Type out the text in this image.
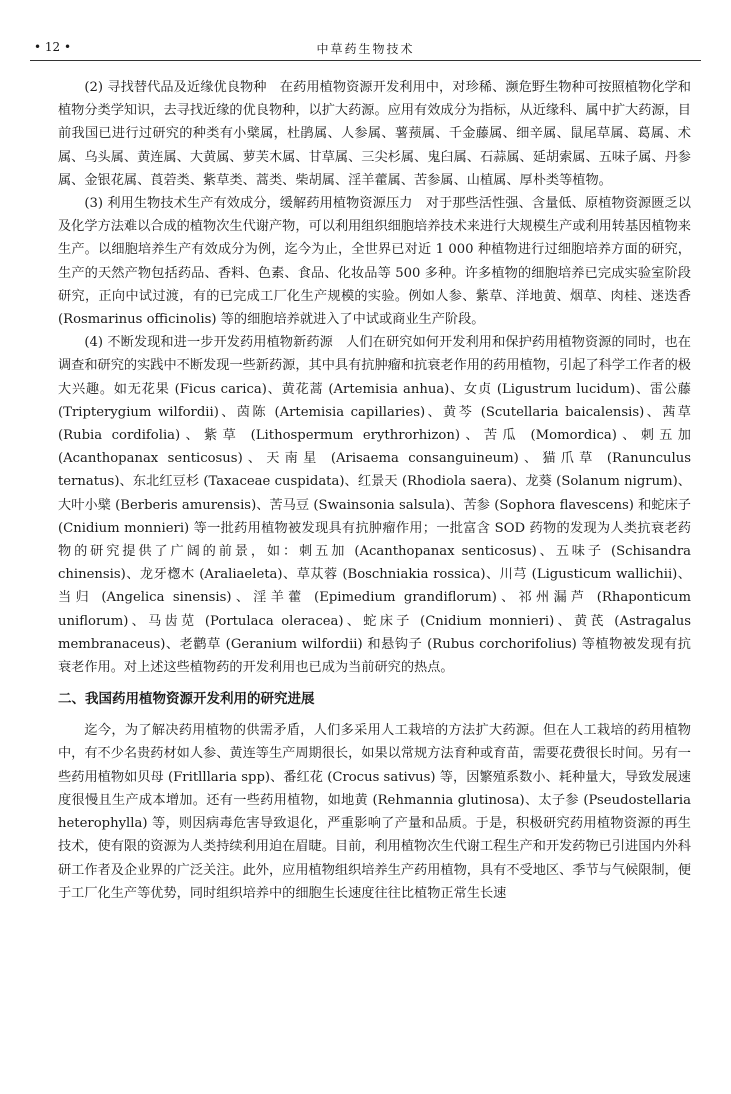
• 12 •	中草药生物技术

(2) 寻找替代品及近缘优良物种　在药用植物资源开发利用中，对珍稀、濒危野生物种可按照植物化学和植物分类学知识，去寻找近缘的优良物种，以扩大药源。应用有效成分为指标，从近缘科、属中扩大药源，目前我国已进行过研究的种类有小檗属，杜鹃属、人参属、薯蓣属、千金藤属、细辛属、鼠尾草属、葛属、术属、乌头属、黄连属、大黄属、萝芙木属、甘草属、三尖杉属、鬼臼属、石蒜属、延胡索属、五味子属、丹参属、金银花属、莨菪类、紫草类、蒿类、柴胡属、淫羊藿属、苦参属、山植属、厚朴类等植物。

(3) 利用生物技术生产有效成分，缓解药用植物资源压力　对于那些活性强、含量低、原植物资源匮乏以及化学方法难以合成的植物次生代谢产物，可以利用组织细胞培养技术来进行大规模生产或利用转基因植物来生产。以细胞培养生产有效成分为例，迄今为止，全世界已对近 1 000 种植物进行过细胞培养方面的研究，生产的天然产物包括药品、香料、色素、食品、化妆品等 500 多种。许多植物的细胞培养已完成实验室阶段研究，正向中试过渡，有的已完成工厂化生产规模的实验。例如人参、紫草、洋地黄、烟草、肉桂、迷迭香 (Rosmarinus officinolis) 等的细胞培养就进入了中试或商业生产阶段。

(4) 不断发现和进一步开发药用植物新药源　人们在研究如何开发利用和保护药用植物资源的同时，也在调查和研究的实践中不断发现一些新药源，其中具有抗肿瘤和抗衰老作用的药用植物，引起了科学工作者的极大兴趣。如无花果 (Ficus carica)、黄花蒿 (Artemisia anhua)、女贞 (Ligustrum lucidum)、雷公藤 (Tripterygium wilfordii)、茵陈 (Artemisia capillaries)、黄芩 (Scutellaria baicalensis)、茜草 (Rubia cordifolia)、紫草 (Lithospermum erythrorhizon)、苦瓜 (Momordica)、刺五加 (Acanthopanax senticosus)、天南星 (Arisaema consanguineum)、猫爪草 (Ranunculus ternatus)、东北红豆杉 (Taxaceae cuspidata)、红景天 (Rhodiola saera)、龙葵 (Solanum nigrum)、大叶小檗 (Berberis amurensis)、苦马豆 (Swainsonia salsula)、苦参 (Sophora flavescens) 和蛇床子 (Cnidium monnieri) 等一批药用植物被发现具有抗肿瘤作用；一批富含 SOD 药物的发现为人类抗衰老药物的研究提供了广阔的前景，如：刺五加 (Acanthopanax senticosus)、五味子 (Schisandra chinensis)、龙牙楤木 (Araliaeleta)、草苁蓉 (Boschniakia rossica)、川芎 (Ligusticum wallichii)、当归 (Angelica sinensis)、淫羊藿 (Epimedium grandiflorum)、祁州漏芦 (Rhaponticum uniflorum)、马齿苋 (Portulaca oleracea)、蛇床子 (Cnidium monnieri)、黄芪 (Astragalus membranaceus)、老鹳草 (Geranium wilfordii) 和悬钩子 (Rubus corchorifolius) 等植物被发现有抗衰老作用。对上述这些植物药的开发利用也已成为当前研究的热点。

二、我国药用植物资源开发利用的研究进展

迄今，为了解决药用植物的供需矛盾，人们多采用人工栽培的方法扩大药源。但在人工栽培的药用植物中，有不少名贵药材如人参、黄连等生产周期很长，如果以常规方法育种或育苗，需要花费很长时间。另有一些药用植物如贝母 (Fritlllaria spp)、番红花 (Crocus sativus) 等，因繁殖系数小、耗种量大，导致发展速度很慢且生产成本增加。还有一些药用植物，如地黄 (Rehmannia glutinosa)、太子参 (Pseudostellaria heterophylla) 等，则因病毒危害导致退化，严重影响了产量和品质。于是，积极研究药用植物资源的再生技术，使有限的资源为人类持续利用迫在眉睫。目前，利用植物次生代谢工程生产和开发药物已引进国内外科研工作者及企业界的广泛关注。此外，应用植物组织培养生产药用植物，具有不受地区、季节与气候限制，便于工厂化生产等优势，同时组织培养中的细胞生长速度往往比植物正常生长速
